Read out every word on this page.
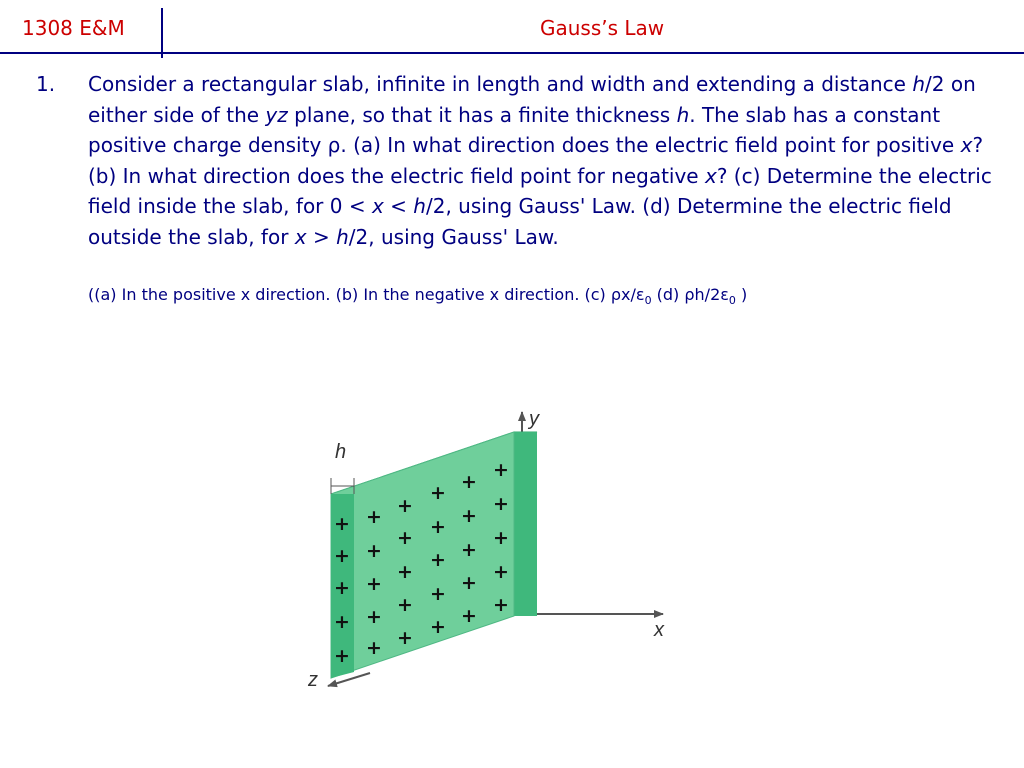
1308 E&M	Gauss’s Law
1. Consider a rectangular slab, infinite in length and width and extending a distance h/2 on either side of the yz plane, so that it has a finite thickness h. The slab has a constant positive charge density ρ. (a) In what direction does the electric field point for positive x? (b) In what direction does the electric field point for negative x? (c) Determine the electric field inside the slab, for 0 < x < h/2, using Gauss' Law. (d) Determine the electric field outside the slab, for x > h/2, using Gauss' Law.
((a) In the positive x direction. (b) In the negative x direction. (c) $\rho x/\varepsilon_0$ (d) $\rho h/2\varepsilon_0$ )
y
x
h
+
+
+
+
+
+ +
+ +
+
+
+ + +
+
+
+
+ +
+
+
+ + + +
+ + + + +
z
